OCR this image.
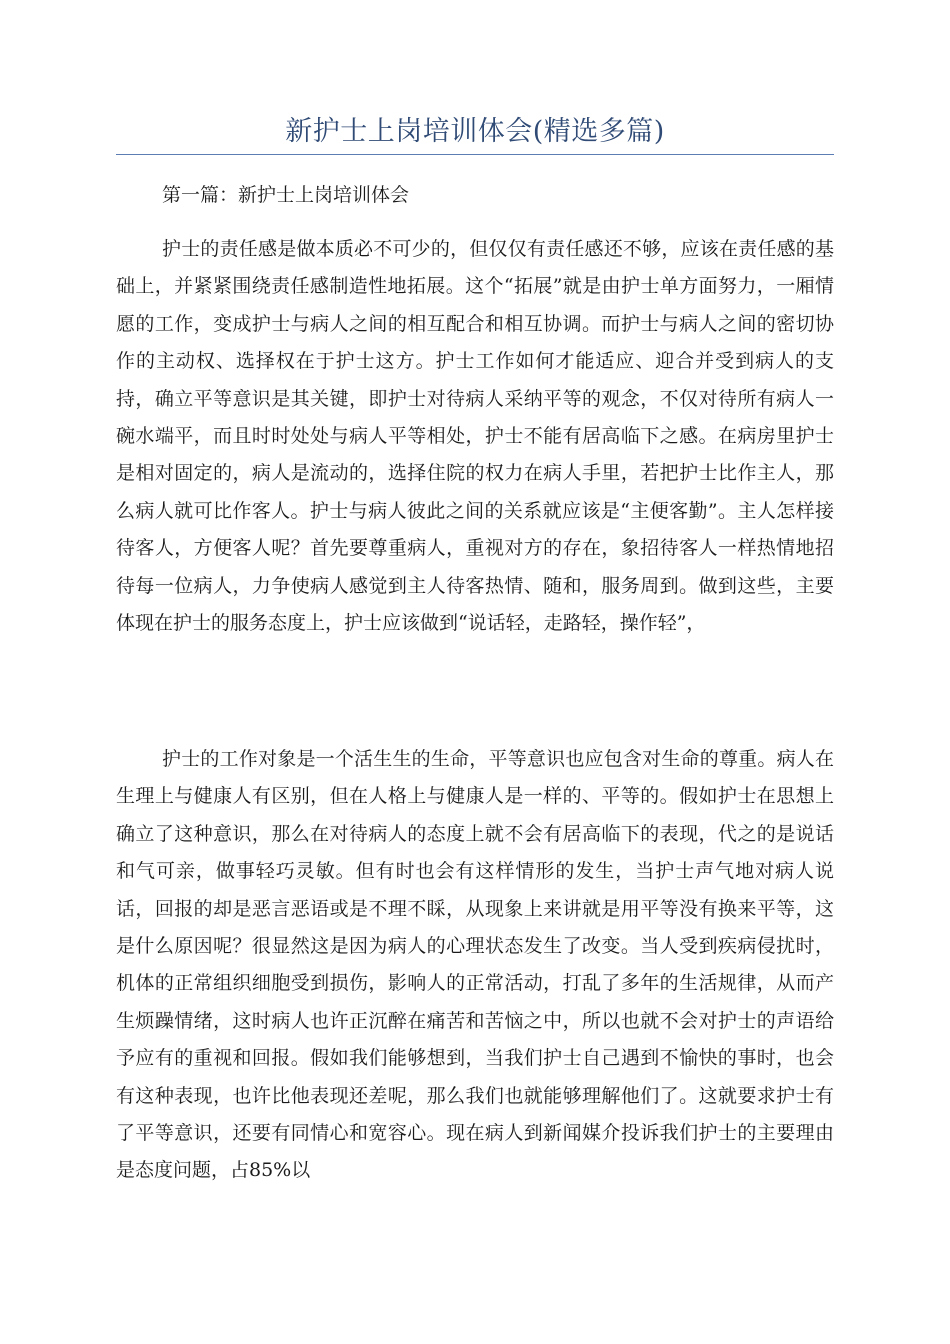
新护士上岗培训体会(精选多篇)
第一篇：新护士上岗培训体会

护士的责任感是做本质必不可少的，但仅仅有责任感还不够，应该在责任感的基础上，并紧紧围绕责任感制造性地拓展。这个“拓展”就是由护士单方面努力，一厢情愿的工作，变成护士与病人之间的相互配合和相互协调。而护士与病人之间的密切协作的主动权、选择权在于护士这方。护士工作如何才能适应、迎合并受到病人的支持，确立平等意识是其关键，即护士对待病人采纳平等的观念，不仅对待所有病人一碗水端平，而且时时处处与病人平等相处，护士不能有居高临下之感。在病房里护士是相对固定的，病人是流动的，选择住院的权力在病人手里，若把护士比作主人，那么病人就可比作客人。护士与病人彼此之间的关系就应该是“主便客勤”。主人怎样接待客人，方便客人呢？首先要尊重病人，重视对方的存在，象招待客人一样热情地招待每一位病人，力争使病人感觉到主人待客热情、随和，服务周到。做到这些，主要体现在护士的服务态度上，护士应该做到“说话轻，走路轻，操作轻”，

护士的工作对象是一个活生生的生命，平等意识也应包含对生命的尊重。病人在生理上与健康人有区别，但在人格上与健康人是一样的、平等的。假如护士在思想上确立了这种意识，那么在对待病人的态度上就不会有居高临下的表现，代之的是说话和气可亲，做事轻巧灵敏。但有时也会有这样情形的发生，当护士声气地对病人说话，回报的却是恶言恶语或是不理不睬，从现象上来讲就是用平等没有换来平等，这是什么原因呢？很显然这是因为病人的心理状态发生了改变。当人受到疾病侵扰时，机体的正常组织细胞受到损伤，影响人的正常活动，打乱了多年的生活规律，从而产生烦躁情绪，这时病人也许正沉醉在痛苦和苦恼之中，所以也就不会对护士的声语给予应有的重视和回报。假如我们能够想到，当我们护士自己遇到不愉快的事时，也会有这种表现，也许比他表现还差呢，那么我们也就能够理解他们了。这就要求护士有了平等意识，还要有同情心和宽容心。现在病人到新闻媒介投诉我们护士的主要理由是态度问题，占85%以
